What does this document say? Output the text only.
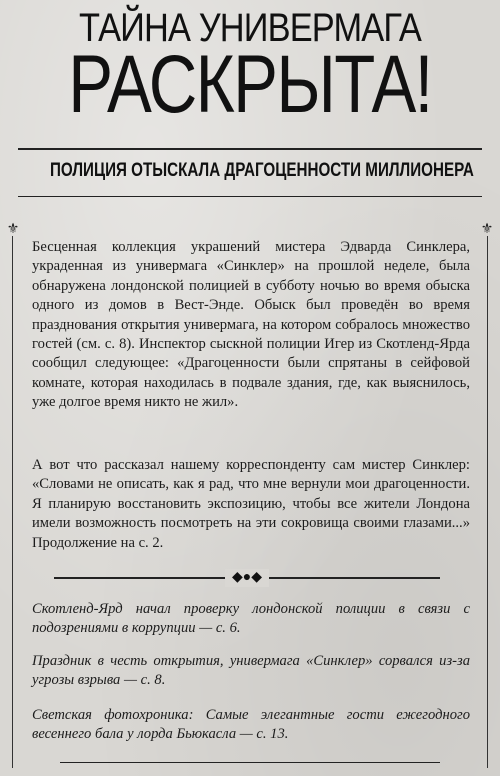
ТАЙНА УНИВЕРМАГА
РАСКРЫТА!
ПОЛИЦИЯ ОТЫСКАЛА ДРАГОЦЕННОСТИ МИЛЛИОНЕРА
⚜	⚜
Бесценная коллекция украшений мистера Эдварда Синклера, украденная из универмага «Синклер» на прошлой неделе, была обнаружена лондонской полицией в субботу ночью во время обыска одного из домов в Вест-Энде. Обыск был проведён во время празднования открытия универмага, на котором собралось множество гостей (см. с. 8). Инспектор сыскной полиции Игер из Скотленд-Ярда сообщил следующее: «Драгоценности были спрятаны в сейфовой комнате, которая находилась в подвале здания, где, как выяснилось, уже долгое время никто не жил».
А вот что рассказал нашему корреспонденту сам мистер Синклер: «Словами не описать, как я рад, что мне вернули мои драгоценности. Я планирую восстановить экспозицию, чтобы все жители Лондона имели возможность посмотреть на эти сокровища своими глазами...» Продолжение на с. 2.
◆●◆
Скотленд-Ярд начал проверку лондонской полиции в связи с подозрениями в коррупции — с. 6.
Праздник в честь открытия, универмага «Синклер» сорвался из-за угрозы взрыва — с. 8.
Светская фотохроника: Самые элегантные гости ежегодного весеннего бала у лорда Бьюкасла — с. 13.
